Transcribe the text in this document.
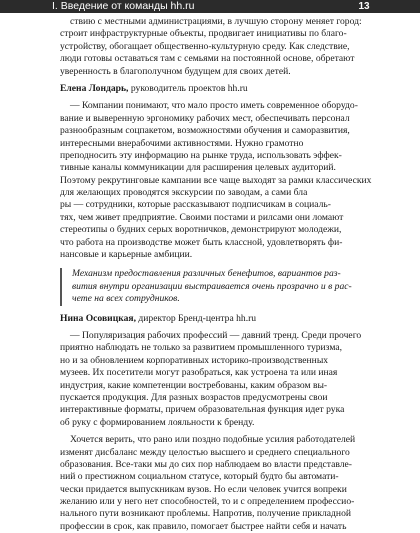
I. Введение от команды hh.ru	13
ствию с местными администрациями, в лучшую сторону меняет город:
строит инфраструктурные объекты, продвигает инициативы по благо-
устройству, обогащает общественно-культурную среду. Как следствие,
люди готовы оставаться там с семьями на постоянной основе, обретают
уверенность в благополучном будущем для своих детей.
Елена Лондарь, руководитель проектов hh.ru
— Компании понимают, что мало просто иметь современное оборудо-
вание и выверенную эргономику рабочих мест, обеспечивать персонал
разнообразным соцпакетом, возможностями обучения и саморазвития,
интересными внерабочими активностями. Нужно грамотно
преподносить эту информацию на рынке труда, использовать эффек-
тивные каналы коммуникации для расширения целевых аудиторий.
Поэтому рекрутинговые кампании все чаще выходят за рамки классических
для желающих проводятся экскурсии по заводам, а сами бла
ры — сотрудники, которые рассказывают подписчикам в социаль-
тях, чем живет предприятие. Своими постами и рилсами они ломают
стереотипы о будних серых воротничков, демонстрируют молодежи,
что работа на производстве может быть классной, удовлетворять фи-
нансовые и карьерные амбиции.
Механизм предоставления различных бенефитов, вариантов раз-
вития внутри организации выстраивается очень прозрачно и в рас-
чете на всех сотрудников.
Нина Осовицкая, директор Бренд-центра hh.ru
— Популяризация рабочих профессий — давний тренд. Среди прочего
приятно наблюдать не только за развитием промышленного туризма,
но и за обновлением корпоративных историко-производственных
музеев. Их посетители могут разобраться, как устроена та или иная
индустрия, какие компетенции востребованы, каким образом вы-
пускается продукция. Для разных возрастов предусмотрены свои
интерактивные форматы, причем образовательная функция идет рука
об руку с формированием лояльности к бренду.
Хочется верить, что рано или поздно подобные усилия работодателей
изменят дисбаланс между целостью высшего и среднего специального
образования. Все-таки мы до сих пор наблюдаем во власти представле-
ний о престижном социальном статусе, который будто бы автомати-
чески придается выпускникам вузов. Но если человек учится вопреки
желанию или у него нет способностей, то и с определением профессио-
нального пути возникают проблемы. Напротив, получение прикладной
профессии в срок, как правило, помогает быстрее найти себя и начать
